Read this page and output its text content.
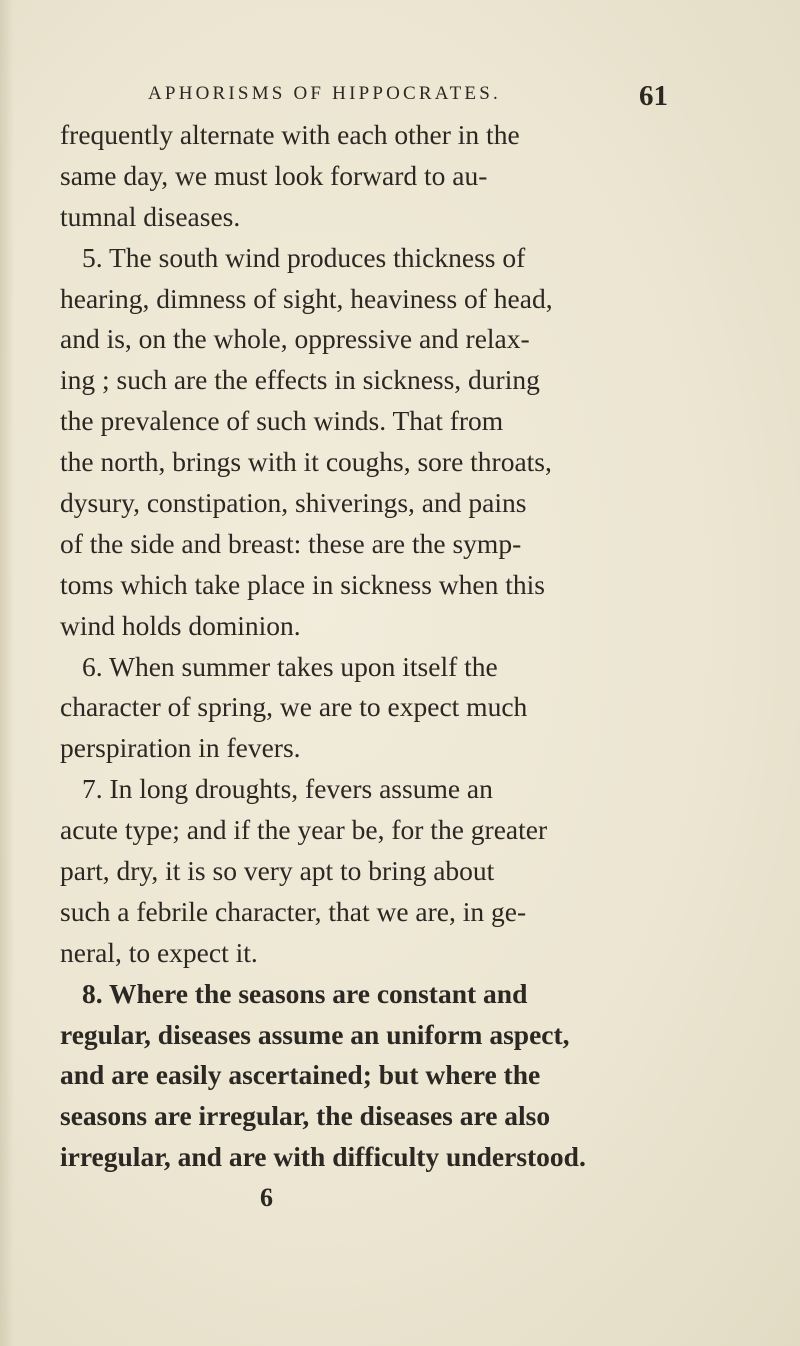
APHORISMS OF HIPPOCRATES.	61
frequently alternate with each other in the
same day, we must look forward to au-
tumnal diseases.
5. The south wind produces thickness of
hearing, dimness of sight, heaviness of head,
and is, on the whole, oppressive and relax-
ing ; such are the effects in sickness, during
the prevalence of such winds. That from
the north, brings with it coughs, sore throats,
dysury, constipation, shiverings, and pains
of the side and breast: these are the symp-
toms which take place in sickness when this
wind holds dominion.
6. When summer takes upon itself the
character of spring, we are to expect much
perspiration in fevers.
7. In long droughts, fevers assume an
acute type; and if the year be, for the greater
part, dry, it is so very apt to bring about
such a febrile character, that we are, in ge-
neral, to expect it.
8. Where the seasons are constant and
regular, diseases assume an uniform aspect,
and are easily ascertained; but where the
seasons are irregular, the diseases are also
irregular, and are with difficulty understood.
6
